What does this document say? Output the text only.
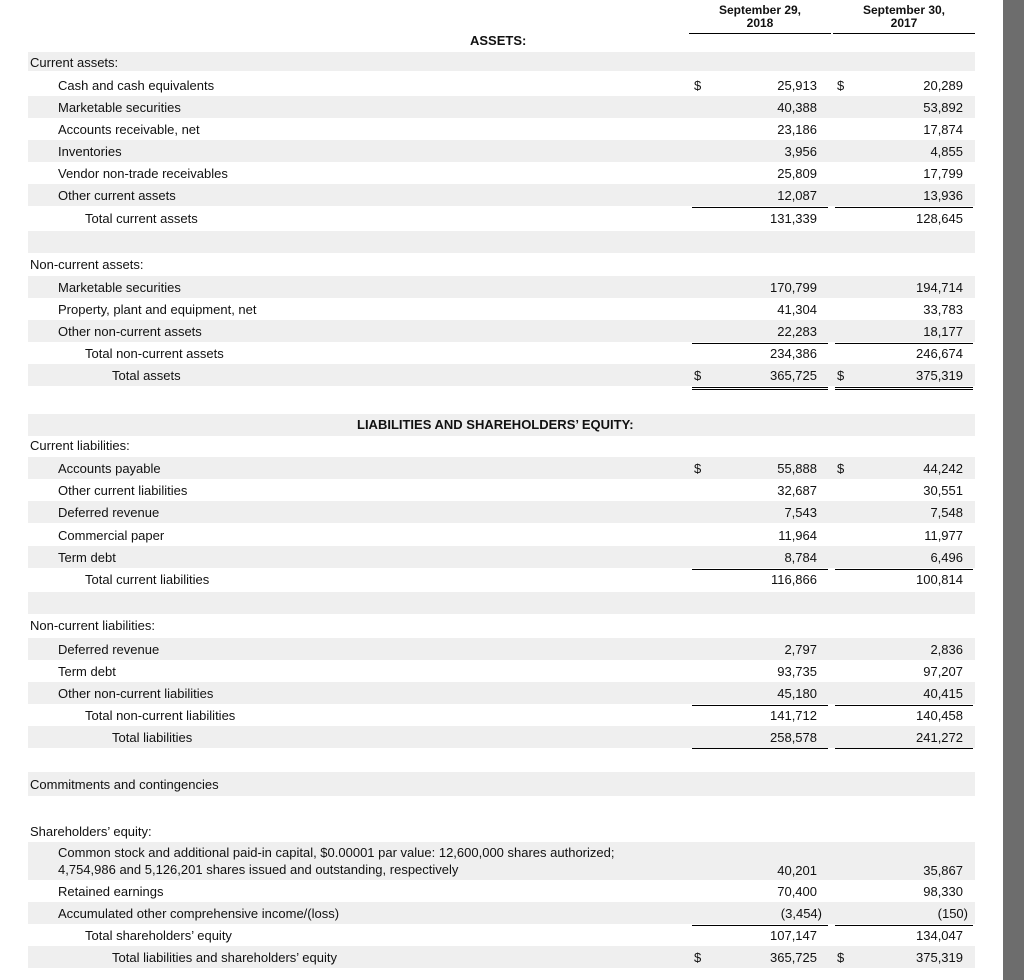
September 29,
2018
September 30,
2017
ASSETS:
Current assets:
Cash and cash equivalents	$	25,913 $	20,289
Marketable securities	40,388	53,892
Accounts receivable, net	23,186	17,874
Inventories	3,956	4,855
Vendor non-trade receivables	25,809	17,799
Other current assets	12,087	13,936
Total current assets	131,339	128,645
Non-current assets:
Marketable securities	170,799	194,714
Property, plant and equipment, net	41,304	33,783
Other non-current assets	22,283	18,177
Total non-current assets	234,386	246,674
Total assets	$	365,725 $	375,319
LIABILITIES AND SHAREHOLDERS’ EQUITY:
Current liabilities:
Accounts payable	$	55,888 $	44,242
Other current liabilities	32,687	30,551
Deferred revenue	7,543	7,548
Commercial paper	11,964	11,977
Term debt	8,784	6,496
Total current liabilities	116,866	100,814
Non-current liabilities:
Deferred revenue	2,797	2,836
Term debt	93,735	97,207
Other non-current liabilities	45,180	40,415
Total non-current liabilities	141,712	140,458
Total liabilities	258,578	241,272
Commitments and contingencies
Shareholders’ equity:
Common stock and additional paid-in capital, $0.00001 par value: 12,600,000 shares authorized;
4,754,986 and 5,126,201 shares issued and outstanding, respectively	40,201	35,867
Retained earnings	70,400	98,330
Accumulated other comprehensive income/(loss)	(3,454)	(150)
Total shareholders’ equity	107,147	134,047
Total liabilities and shareholders’ equity	$	365,725 $	375,319
